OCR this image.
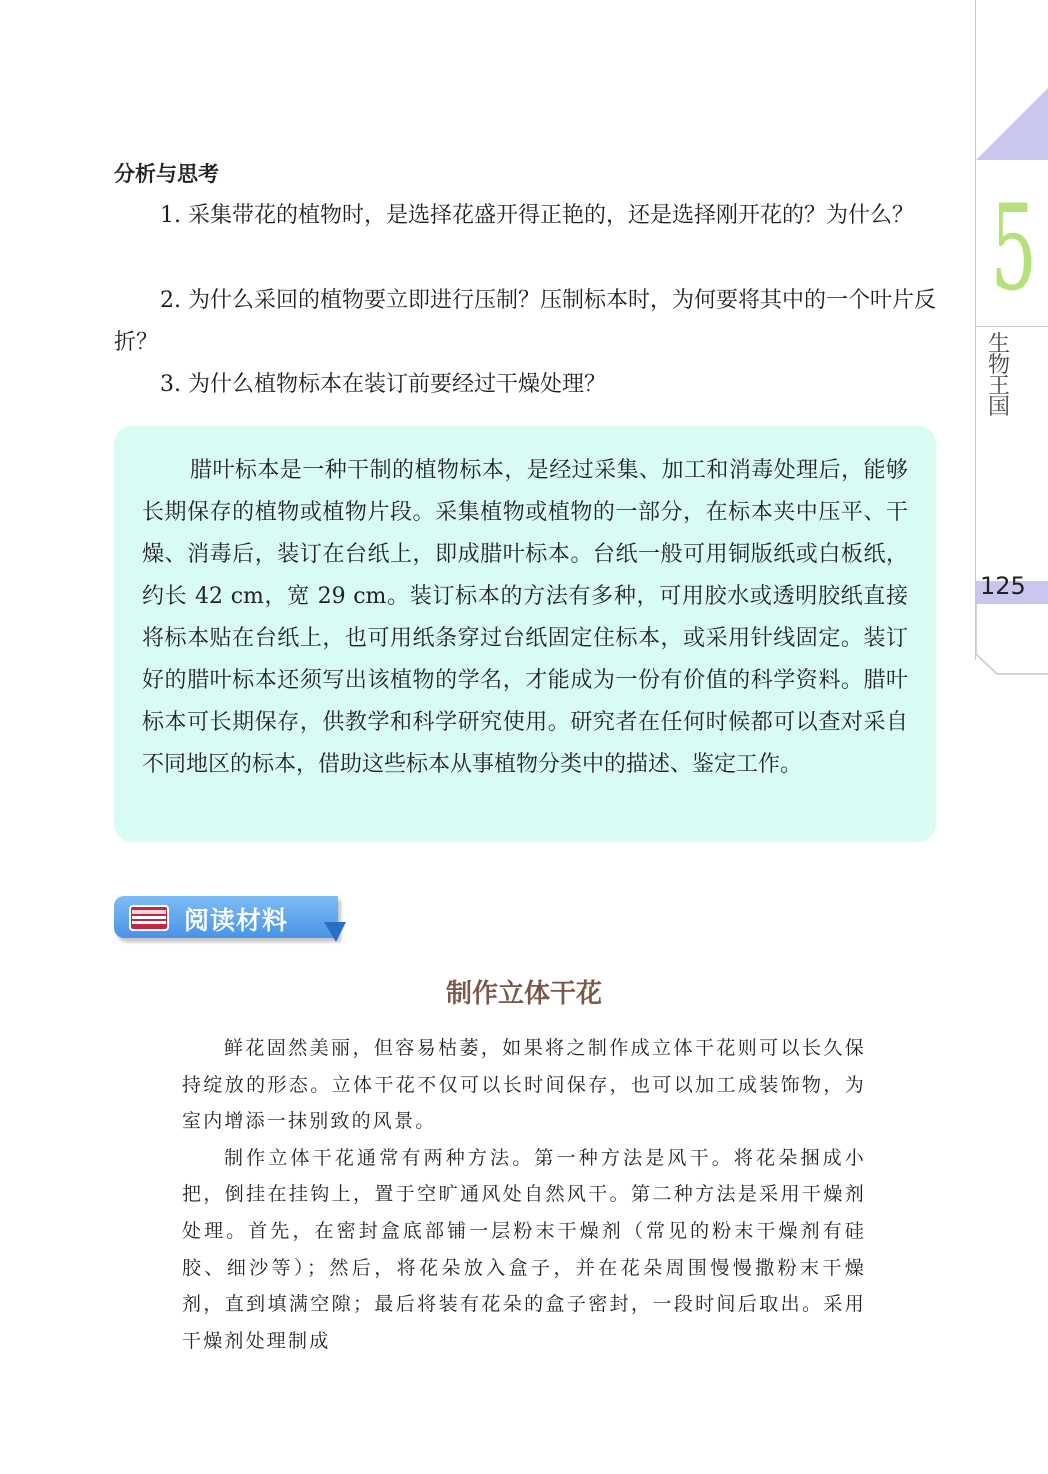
5
生
物
王
国
125
分析与思考

1. 采集带花的植物时，是选择花盛开得正艳的，还是选择刚开花的？为什么？

2. 为什么采回的植物要立即进行压制？压制标本时，为何要将其中的一个叶片反折？

3. 为什么植物标本在装订前要经过干燥处理？

腊叶标本是一种干制的植物标本，是经过采集、加工和消毒处理后，能够长期保存的植物或植物片段。采集植物或植物的一部分，在标本夹中压平、干燥、消毒后，装订在台纸上，即成腊叶标本。台纸一般可用铜版纸或白板纸，约长 42 cm，宽 29 cm。装订标本的方法有多种，可用胶水或透明胶纸直接将标本贴在台纸上，也可用纸条穿过台纸固定住标本，或采用针线固定。装订好的腊叶标本还须写出该植物的学名，才能成为一份有价值的科学资料。腊叶标本可长期保存，供教学和科学研究使用。研究者在任何时候都可以查对采自不同地区的标本，借助这些标本从事植物分类中的描述、鉴定工作。

阅读材料
制作立体干花

鲜花固然美丽，但容易枯萎，如果将之制作成立体干花则可以长久保持绽放的形态。立体干花不仅可以长时间保存，也可以加工成装饰物，为室内增添一抹别致的风景。

制作立体干花通常有两种方法。第一种方法是风干。将花朵捆成小把，倒挂在挂钩上，置于空旷通风处自然风干。第二种方法是采用干燥剂处理。首先，在密封盒底部铺一层粉末干燥剂（常见的粉末干燥剂有硅胶、细沙等）；然后，将花朵放入盒子，并在花朵周围慢慢撒粉末干燥剂，直到填满空隙；最后将装有花朵的盒子密封，一段时间后取出。采用干燥剂处理制成
